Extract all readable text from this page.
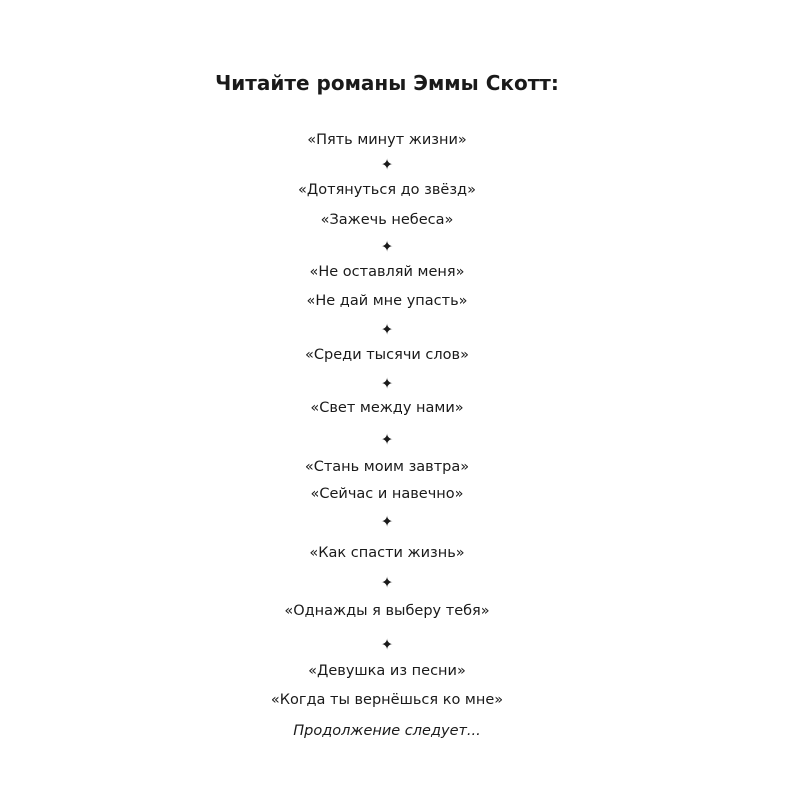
Читайте романы Эммы Скотт:
«Пять минут жизни»
✦
«Дотянуться до звёзд»
«Зажечь небеса»
✦
«Не оставляй меня»
«Не дай мне упасть»
✦
«Среди тысячи слов»
✦
«Свет между нами»
✦
«Стань моим завтра»
«Сейчас и навечно»
✦
«Как спасти жизнь»
✦
«Однажды я выберу тебя»
✦
«Девушка из песни»
«Когда ты вернёшься ко мне»
Продолжение следует...
